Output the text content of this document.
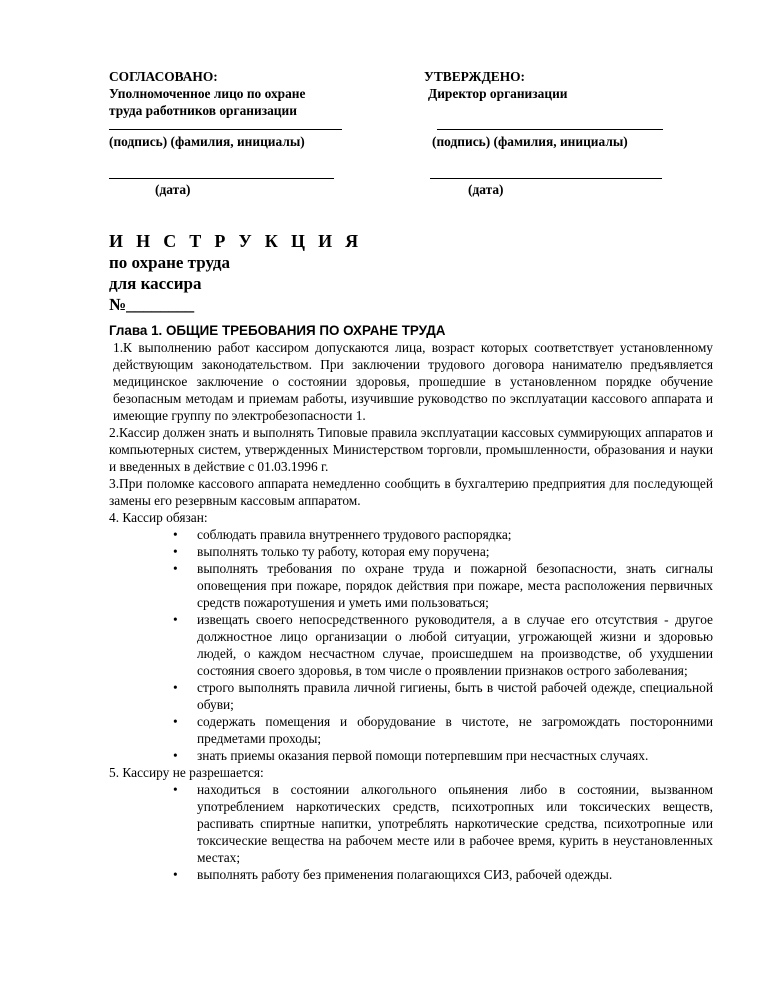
СОГЛАСОВАНО:
Уполномоченное лицо по охране
труда работников организации
(подпись) (фамилия, инициалы)
(дата)
УТВЕРЖДЕНО:
Директор организации
(подпись) (фамилия, инициалы)
(дата)
И Н С Т Р У К Ц И Я
по охране труда
для кассира
№________
Глава 1. ОБЩИЕ ТРЕБОВАНИЯ ПО ОХРАНЕ ТРУДА

1.К выполнению работ кассиром допускаются лица, возраст которых соответствует установленному действующим законодательством. При заключении трудового договора нанимателю предъявляется медицинское заключение о состоянии здоровья, прошедшие в установленном порядке обучение безопасным методам и приемам работы, изучившие руководство по эксплуатации кассового аппарата и имеющие группу по электробезопасности 1.

2.Кассир должен знать и выполнять Типовые правила эксплуатации кассовых суммирующих аппаратов и компьютерных систем, утвержденных Министерством торговли, промышленности, образования и науки и введенных в действие с 01.03.1996 г.

3.При поломке кассового аппарата немедленно сообщить в бухгалтерию предприятия для последующей замены его резервным кассовым аппаратом.

4. Кассир обязан:

• соблюдать правила внутреннего трудового распорядка;
• выполнять только ту работу, которая ему поручена;
• выполнять требования по охране труда и пожарной безопасности, знать сигналы оповещения при пожаре, порядок действия при пожаре, места расположения первичных средств пожаротушения и уметь ими пользоваться;
• извещать своего непосредственного руководителя, а в случае его отсутствия - другое должностное лицо организации о любой ситуации, угрожающей жизни и здоровью людей, о каждом несчастном случае, происшедшем на производстве, об ухудшении состояния своего здоровья, в том числе о проявлении признаков острого заболевания;
• строго выполнять правила личной гигиены, быть в чистой рабочей одежде, специальной обуви;
• содержать помещения и оборудование в чистоте, не загромождать посторонними предметами проходы;
• знать приемы оказания первой помощи потерпевшим при несчастных случаях.

5. Кассиру не разрешается:

• находиться в состоянии алкогольного опьянения либо в состоянии, вызванном употреблением наркотических средств, психотропных или токсических веществ, распивать спиртные напитки, употреблять наркотические средства, психотропные или токсические вещества на рабочем месте или в рабочее время, курить в неустановленных местах;
• выполнять работу без применения полагающихся СИЗ, рабочей одежды.
